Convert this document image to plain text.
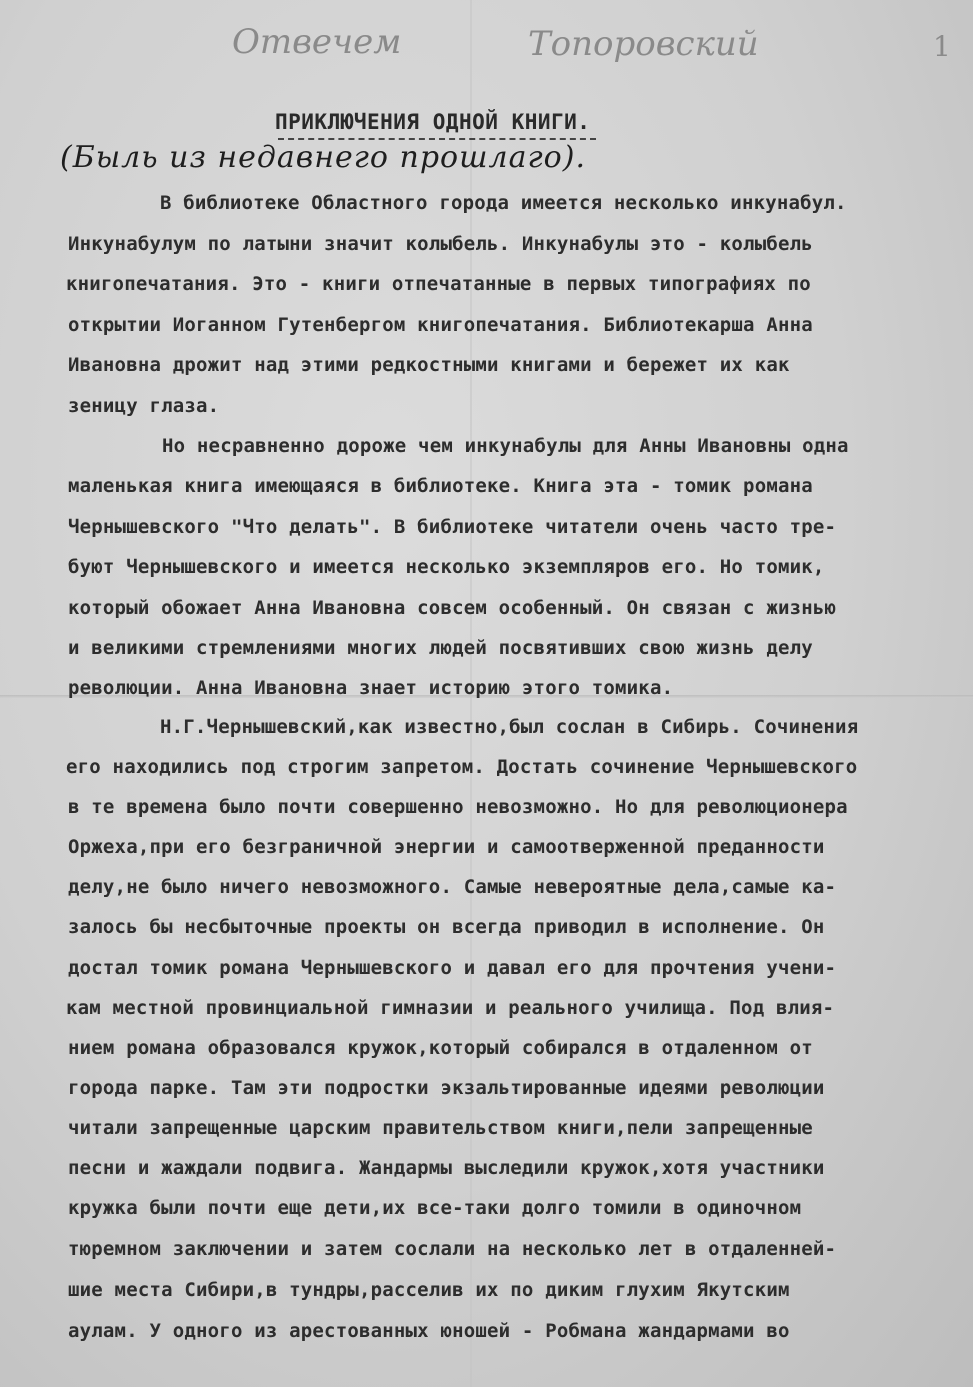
Отвечем	Топоровский	1
ПРИКЛЮЧЕНИЯ ОДНОЙ КНИГИ.
(Быль из недавнего прошлаго).
В библиотеке Областного города имеется несколько инкунабул.
Инкунабулум по латыни значит колыбель. Инкунабулы это - колыбель
книгопечатания. Это - книги отпечатанные в первых типографиях по
открытии Иоганном Гутенбергом книгопечатания. Библиотекарша Анна
Ивановна дрожит над этими редкостными книгами и бережет их как
зеницу глаза.
Но несравненно дороже чем инкунабулы для Анны Ивановны одна
маленькая книга имеющаяся в библиотеке. Книга эта - томик романа
Чернышевского "Что делать". В библиотеке читатели очень часто тре-
буют Чернышевского и имеется несколько экземпляров его. Но томик,
который обожает Анна Ивановна совсем особенный. Он связан с жизнью
и великими стремлениями многих людей посвятивших свою жизнь делу
революции. Анна Ивановна знает историю этого томика.
Н.Г.Чернышевский,как известно,был сослан в Сибирь. Сочинения
его находились под строгим запретом. Достать сочинение Чернышевского
в те времена было почти совершенно невозможно. Но для революционера
Оржеха,при его безграничной энергии и самоотверженной преданности
делу,не было ничего невозможного. Самые невероятные дела,самые ка-
залось бы несбыточные проекты он всегда приводил в исполнение. Он
достал томик романа Чернышевского и давал его для прочтения учени-
кам местной провинциальной гимназии и реального училища. Под влия-
нием романа образовался кружок,который собирался в отдаленном от
города парке. Там эти подростки экзальтированные идеями революции
читали запрещенные царским правительством книги,пели запрещенные
песни и жаждали подвига. Жандармы выследили кружок,хотя участники
кружка были почти еще дети,их все-таки долго томили в одиночном
тюремном заключении и затем сослали на несколько лет в отдаленней-
шие места Сибири,в тундры,расселив их по диким глухим Якутским
аулам. У одного из арестованных юношей - Робмана жандармами во
